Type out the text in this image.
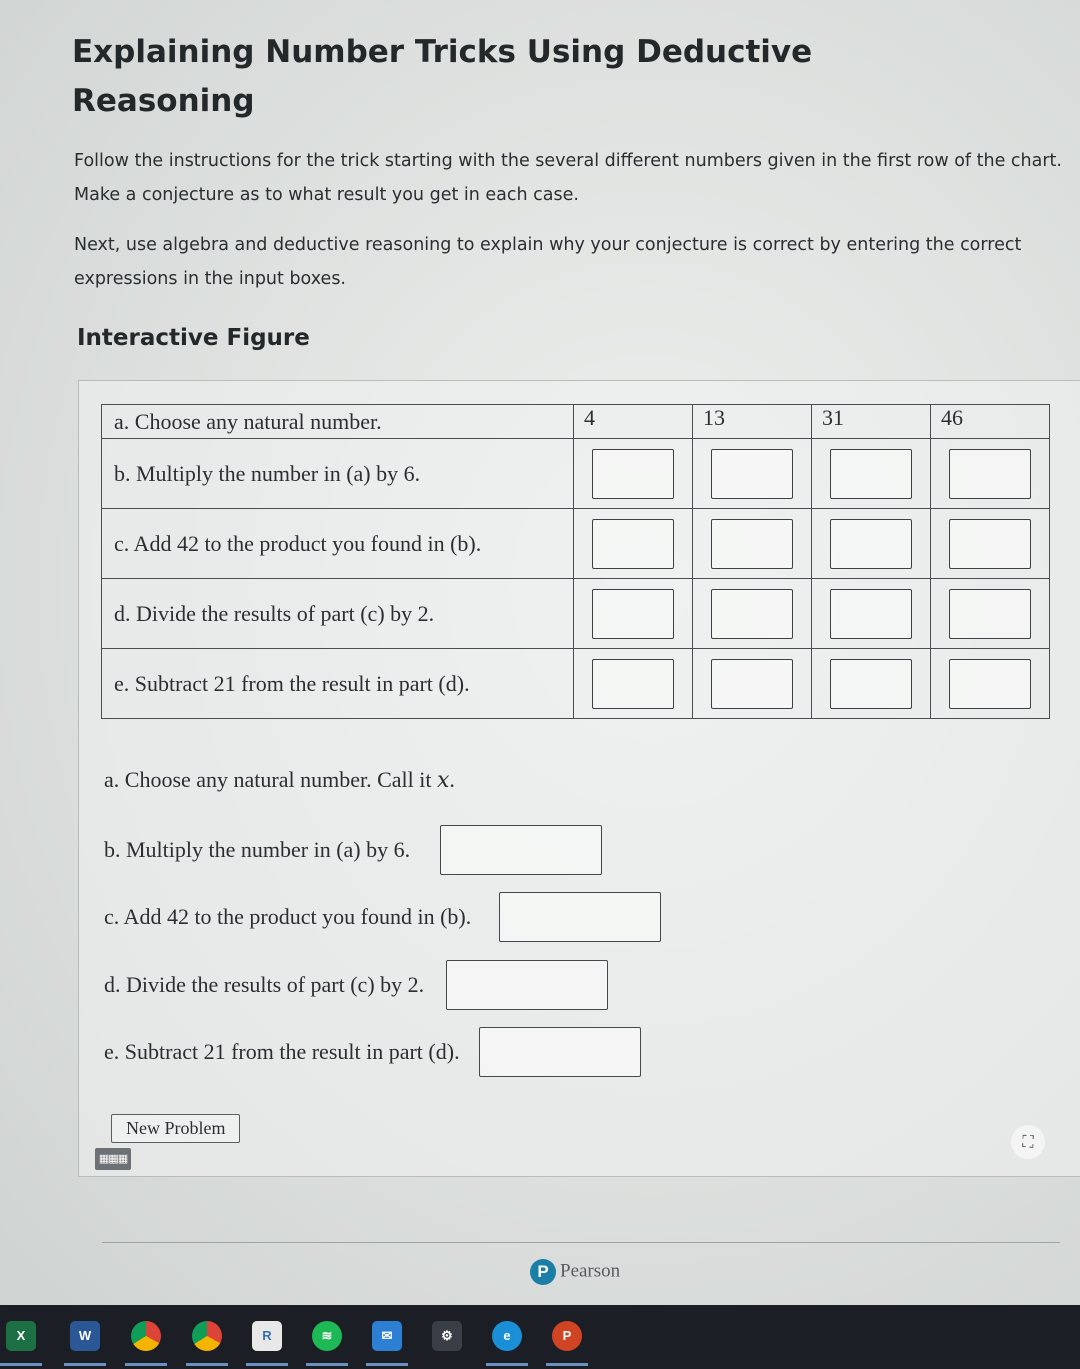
Explaining Number Tricks Using Deductive Reasoning
Follow the instructions for the trick starting with the several different numbers given in the first row of the chart.
Make a conjecture as to what result you get in each case.
Next, use algebra and deductive reasoning to explain why your conjecture is correct by entering the correct
expressions in the input boxes.
Interactive Figure
a. Choose any natural number.	4	13	31	46
b. Multiply the number in (a) by 6.				
c. Add 42 to the product you found in (b).				
d. Divide the results of part (c) by 2.				
e. Subtract 21 from the result in part (d).				
a. Choose any natural number. Call it 𝑥.
b. Multiply the number in (a) by 6.
c. Add 42 to the product you found in (b).
d. Divide the results of part (c) by 2.
e. Subtract 21 from the result in part (d).
New Problem
▦▦▦
⛶
P Pearson
X	W	R	≋	✉	⚙	e	P
